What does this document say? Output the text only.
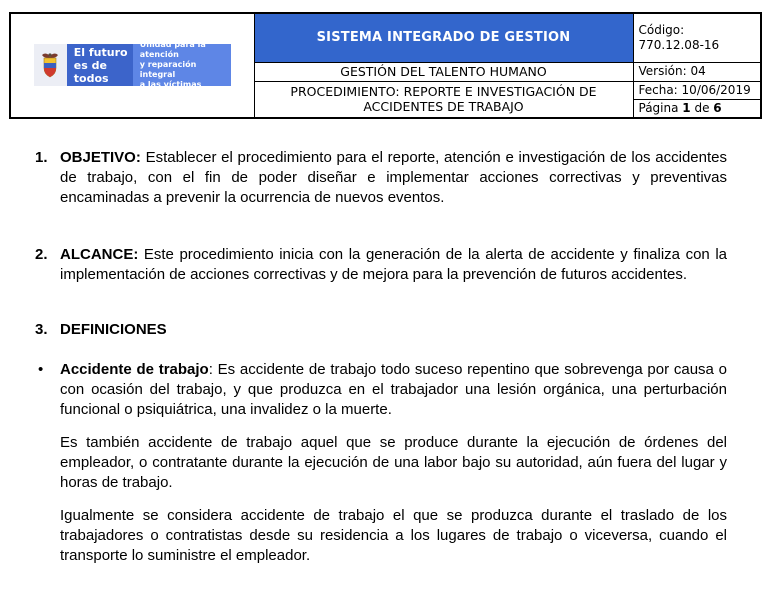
El futuro
es de todos
Unidad para la atención
y reparación integral
a las víctimas
	SISTEMA INTEGRADO DE GESTION	Código:
770.12.08-16
	GESTIÓN DEL TALENTO HUMANO	Versión: 04
	PROCEDIMIENTO: REPORTE E INVESTIGACIÓN DE
ACCIDENTES DE TRABAJO	Fecha: 10/06/2019
		Página 1 de 6
1. OBJETIVO: Establecer el procedimiento para el reporte, atención e investigación de los accidentes de trabajo, con el fin de poder diseñar e implementar acciones correctivas y preventivas encaminadas a prevenir la ocurrencia de nuevos eventos.
2. ALCANCE: Este procedimiento inicia con la generación de la alerta de accidente y finaliza con la implementación de acciones correctivas y de mejora para la prevención de futuros accidentes.
3. DEFINICIONES
•	Accidente de trabajo: Es accidente de trabajo todo suceso repentino que sobrevenga por causa o con ocasión del trabajo, y que produzca en el trabajador una lesión orgánica, una perturbación funcional o psiquiátrica, una invalidez o la muerte.
Es también accidente de trabajo aquel que se produce durante la ejecución de órdenes del empleador, o contratante durante la ejecución de una labor bajo su autoridad, aún fuera del lugar y horas de trabajo.
Igualmente se considera accidente de trabajo el que se produzca durante el traslado de los trabajadores o contratistas desde su residencia a los lugares de trabajo o viceversa, cuando el transporte lo suministre el empleador.
